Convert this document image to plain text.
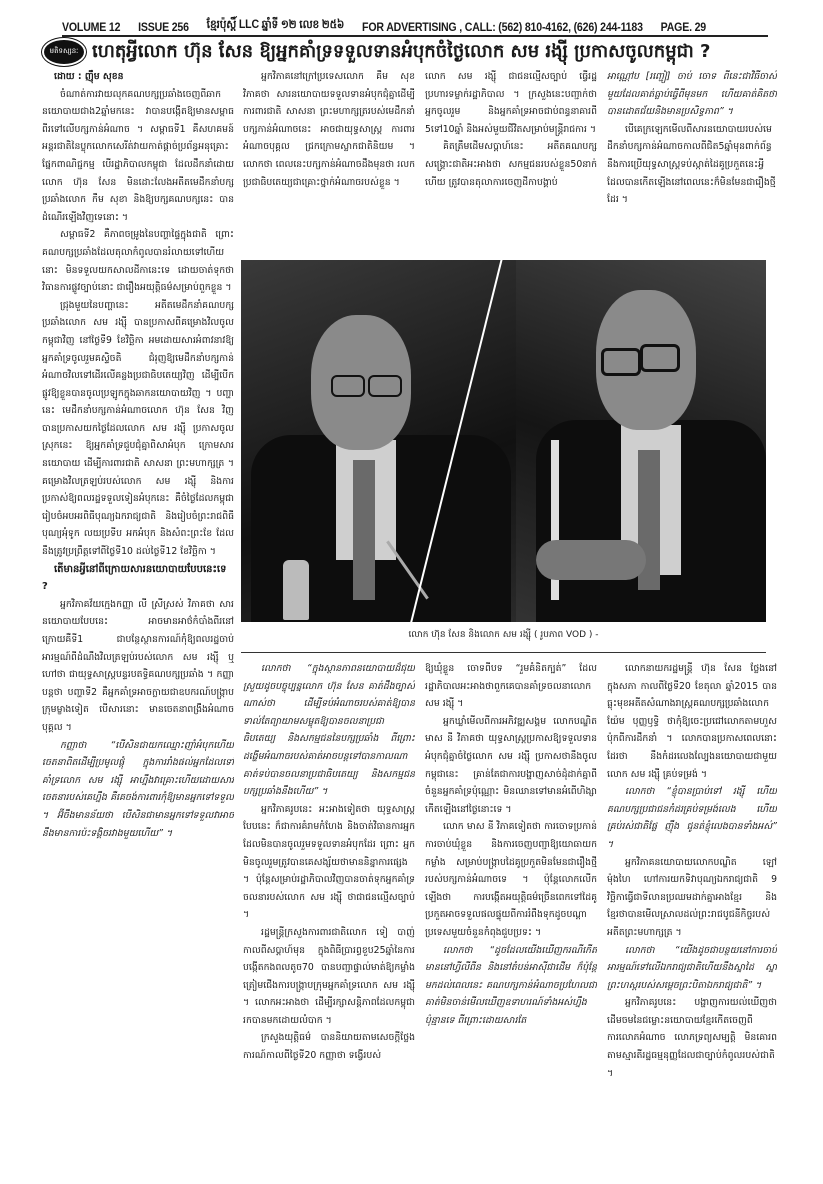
VOLUME 12 ISSUE 256 ខ្មែរប៉ុស្តិ៍ LLC ឆ្នាំទី ១២ លេខ ២៥៦ FOR ADVERTISING , CALL: (562) 810-4162, (626) 244-1183 PAGE. 29
មតិទស្សនៈ ហេតុអ្វីលោក ហ៊ុន សែន ឱ្យអ្នកគាំទ្រទទួលទានអំបុកចំថ្ងៃលោក សម រង្ស៊ី ប្រកាសចូលកម្ពុជា ?

ដោយ : ញ៉ឹម សុខន

ចំណាត់ការវាយលុកគណបក្សប្រឆាំងចេញពីឆាកនយោបាយជាង2ឆ្នាំមកនេះ វាបានបង្កើតឱ្យមានសម្ពាធពីរទៅលើបក្សកាន់អំណាច ។ សម្ពាធទី1 គឺសហគមន៍អន្តរជាតិនៃប្លុកលោកសេរីត់វាយកាត់ផ្តាច់ប្រព័ន្ធអនុគ្រោះផ្នែកពាណិជ្ជកម្ម បើរដ្ឋាភិបាលកម្ពុជា ដែលដឹកនាំដោយលោក ហ៊ុន សែន មិនដោះលែងអតីតមេដឹកនាំបក្សប្រឆាំងលោក កឹម សុខា និងឱ្យបក្សគណបក្សនេះ បានដំណើរឡើងវិញទេនោះ ។

សម្ពាធទី2 គឺភាពចម្រូងនៃបញ្ហាផ្ទៃក្នុងជាតិ ព្រោះគណបក្សប្រឆាំងដែលតុលាកំពូលបានរំលាយទៅហើយនោះ មិនទទួលយកសាលដីកានេះទេ ដោយចាត់ទុកថាវិធានការផ្លូវច្បាប់នោះ ជារឿងអយុត្តិធម៌សម្រាប់ពួកខ្លួន ។

ជ្រុងមួយនៃបញ្ហានេះ អតីតមេដឹកនាំគណបក្សប្រឆាំងលោក សម រង្ស៊ី បានប្រកាសពីគម្រោងវិលចូលកម្ពុជាវិញ នៅថ្ងៃទី9 ខែវិច្ឆិកា អមដោយសារអំពាវនាវឱ្យអ្នកគាំទ្រចូលរួមគស្ទិចតិ ជំរុញឱ្យមេដឹកនាំបក្សកាន់អំណាចវិលទៅដើរលើគន្លងប្រជាធិបតេយ្យវិញ ដើម្បីបើកផ្លូវឱ្យខ្លួនបានចូលប្រឡូកក្នុងឆាកនយោបាយវិញ ។ បញ្ហានេះ មេដឹកនាំបក្សកាន់អំណាចលោក ហ៊ុន សែន វិញ បានប្រកាសយកថ្ងៃដែលលោក សម រង្ស៊ី ប្រកាសចូលស្រុកនេះ ឱ្យអ្នកគាំទ្រជួបជុំគ្នាពិសាអំបុក ក្រោមសារនយោបាយ ដើម្បីការពារជាតិ សាសនា ព្រះមហាក្សត្រ ។ គម្រោងវិលត្រឡប់របស់លោក សម រង្ស៊ី និងការប្រកាស់ឱ្យពលរដ្ឋទទួលទៀនអំបុកនេះ គឺចំថ្ងៃដែលកម្ពុជារៀបចំអបអរពិធីបុណ្យឯករាជ្យជាតិ និងរៀបចំព្រះរាជពិធីបុណ្យអុំទូក លយប្រទីប អកអំបុក និងសំពះព្រះខែ ដែលនឹងត្រូវប្រព្រឹត្តទៅពីថ្ងៃទី10 ដល់ថ្ងៃទី12 ខែវិច្ឆិកា ។

តើមានអ្វីនៅពីក្រោយសារនយោបាយបែបនេះទេ ?

អ្នកវិភាគវ័យក្មេងកញ្ញា លី ស្រីស្រស់ វិភាគថា សារនយោបាយបែបនេះ អាចមានអាថ៌កំបាំងពីរនៅក្រោយគឺទី1 ជាបន្ថែស្ថានការណ៍កុំឱ្យពលរដ្ឋចាប់អារម្មណ៍ពីដំណឹងវិលត្រឡប់របស់លោក សម រង្ស៊ី ឬហៅថា ជាយុទ្ធសាស្ត្របន្ទរបតទ្ធិគណបក្សប្រឆាំង ។ កញ្ញាបន្តថា បញ្ហាទី2 គឺអ្នកគាំទ្រអាចក្លាយជាឧបករណ៍បង្ក្រាបក្រុមម្ខាងទៀត បើសារនោះ មានចេតនាពង្រឹងអំណាចបុគ្គល ។

កញ្ញាថា “បើសិនជាយកឈ្មោះញាំអំបុកហើយចេតនាពិតដើម្បីប្រមូលផ្តុំ ក្នុងការរាំងផល់អ្នកដែលទៅគាំទ្រលោក សម រង្ស៊ី អាហ្នឹងវាគ្រោះហើយដោយសារចេតនារបស់គេហ្នឹង គឺគេចង់ការពារកុំឱ្យមានអ្នកទៅទទួល ។ អ៊ីចឹងមានន័យថា បើសិនជាមានអ្នកទៅទទួលវាអាចនឹងមានការប៉ះទង្គិចរវាងមួយហើយ” ។

អ្នកវិភាគនៅក្រៅប្រទេសលោក គឹម សុខ វិភាគថា សារនយោបាយទទួលទានអំបុកជុំគ្នាដើម្បីការពារជាតិ សាសនា ព្រះមហាក្សត្ររបស់មេដឹកនាំបក្សកាន់អំណាចនេះ អាចជាយុទ្ធសាស្ត្រ ការពារអំណាចបុគ្គល ជ្រកក្រោមស្លាកជាតិនិយម ។ លោកថា ពេលនេះបក្សកាន់អំណាចដឹងមុនថា រលកប្រជាធិបតេយ្យជាគ្រោះថ្នាក់អំណាចរបស់ខ្លួន ។

លោក សម រង្ស៊ី ជាជនល្មើសច្បាប់ ធ្វើរដ្ឋប្រហារទម្លាក់រដ្ឋាភិបាល ។ ក្រសួងនេះបញ្ជាក់ថា អ្នកចូលរួម និងអ្នកគាំទ្រអាចជាប់ពន្ធនាគារពី 5ទៅ10ឆ្នាំ និងអស់មួយជីវិតសម្រាប់មន្ត្រីរាជការ ។

គិតត្រឹមដើមសប្តាហ៍នេះ អតីតគណបក្សសង្គ្រោះជាតិអះអាងថា សកម្មជនរបស់ខ្លួន50នាក់ហើយ ត្រូវបានតុលាការចេញដីកាបង្គាប់

អាណ្ណៅប [រញ្ជៀ] ចាប់ ចោទ ពីនេះជាវិធីចាស់មួយដែលគាត់ធ្លាប់ធ្វើពីមុនមក ហើយគាត់គិតថាបានដោតជ័យនិងមានប្រសិទ្ធភាព” ។

បើគេក្រឡេកមើលពីសារនយោបាយរបស់មេដឹកនាំបក្សកាន់អំណាចកាលពីជិត5ឆ្នាំមុនពាក់ព័ន្ធនឹងការប្រើយុទ្ធសាស្ត្រទប់ស្កាត់ដៃគូប្រកួតនេះអ្វីដែលបានកើតឡើងនៅពេលនេះក៏មិនមែនជារឿងថ្មីដែរ ។

លោក ហ៊ុន សែន និងលោក សម រង្ស៊ី ( រូបភាព VOD ) -

លោកថា “ក្នុងស្ថានភាពនយោបាយដ៏ជុយស្រួយដូចបច្ចុប្បន្នលោក ហ៊ុន សែន គាត់ដឹងច្បាស់ណាស់ថា ដើម្បីទប់អំណាចរបស់គាត់ឱ្យបាន ទាល់តែព្យាយាមសម្លុតឱ្យបានចលនាប្រជាធិបតេយ្យ និងសកម្មជននៃបក្សប្រឆាំង ពីព្រោះដង្ហើមអំណាចរបស់គាត់អាចបន្តទៅបានកាលណាគាត់ទប់បានចលនាប្រជាធិបតេយ្យ និងសកម្មជនបក្សប្រឆាំងនឹងហើយ” ។

អ្នកវិភាគរូបនេះ អះអាងទៀតថា យុទ្ធសាស្ត្របែបនេះ ក៏ជាការគំរាមកំហែង និងចាត់វិធានការអ្នកដែលមិនបានចូលរួមទទួលទានអំបុកដែរ ព្រោះ អ្នកមិនចូលរួមត្រូវបានគេសង្ស័យថាមាននិន្នាការផ្សេង ។ ប៉ុន្តែសម្រាប់រដ្ឋាភិបាលវិញបានចាត់ទុកអ្នកគាំទ្រចលនារបស់លោក សម រង្ស៊ី ថាជាជនល្មើសច្បាប់ ។

រដ្ឋមន្ត្រីក្រសួងការពារជាតិលោក ទៀ បាញ់ កាលពីសប្តាហ៍មុន ក្នុងពិធីប្រារព្ធខួប25ឆ្នាំនៃការបង្កើតកងពលតូច70 បានបញ្ជាផ្ទាល់មាត់ឱ្យកម្លាំងត្រៀមជើងការបង្ក្រាបក្រុមអ្នកគាំទ្រលោក សម រង្ស៊ី ។ លោកអះអាងថា ដើម្បីរក្សាសន្តិភាពដែលកម្ពុជារកបានមកដោយលំបាក ។

ក្រសួងយុត្តិធម៌ បាននិយាយតាមសេចក្តីថ្លែងការណ៍កាលពីថ្ងៃទី20 កញ្ញាថា ទង្វើរបស់

ឱ្យឃុំខ្លួន ចោទពីបទ “រួមគំនិតក្បត់” ដែលរដ្ឋាភិបាលអះអាងថាពួកគេបានគាំទ្រចលនាលោក សម រង្ស៊ី ។

អ្នកឃ្លាំមើលពីការអភិវឌ្ឍសង្គម លោកបណ្ឌិត មាស នី វិភាគថា យុទ្ធសាស្ត្រប្រកាសឱ្យទទួលទានអំបុកជុំគ្នាចំថ្ងៃលោក សម រង្ស៊ី ប្រកាសថានឹងចូលកម្ពុជានេះ គ្រាន់តែជាការបង្ហាញសាច់ដុំដាក់គ្នាពីចំនួនអ្នកគាំទ្រប៉ុណ្ណោះ មិនឈានទៅមានអំពើហិង្សាកើតឡើងនៅថ្ងៃនោះទេ ។

លោក មាស នី វិភាគទៀតថា ការចោទប្រកាន់ ការចាប់ឃុំខ្លួន និងការចេញបញ្ជាឱ្យយោធាយកកម្លាំង សម្រាប់បង្ក្រាបដៃគូប្រកួតមិនមែនជារឿងថ្មីរបស់បក្សកាន់អំណាចទេ ។ ប៉ុន្តែលោកលើកឡើងថា ការបង្កើតអយុត្តិធម៌ច្រើនពេកទៅដៃគូប្រកួតអាចទទួលផលផ្ទុយពីការរំពឹងទុកដូចបណ្តាប្រទេសមួយចំនួនកំពុងជួបប្រទះ ។

លោកថា “ដូចដែលយើងឃើញករណីកើតមាននៅហ្វីលីពីន និងនៅតំបន់អាស៊ីជាដើម ក៏ប៉ុន្តែមកដល់ពេលនេះ គណបក្សកាន់អំណាចប្រហែលជាគាត់មិនចាន់មើលឃើញឧទាហរណ៍ទាំងអស់ហ្នឹងប៉ុន្មានទេ ពីព្រោះដោយសារតែ

លោកនាយករដ្ឋមន្ត្រី ហ៊ុន សែន ថ្លែងនៅក្នុងសភា កាលពីថ្ងៃទី20 ខែតុលា ឆ្នាំ2015 បានធ្លុះមុខអតីតសំណាងរាស្ត្រគណបក្សប្រឆាំងលោក យ៉ែម បុញ្ញឫទ្ធិ ថាកុំឱ្យចេះប្រជៅលោកតាមហួសប៉ុកពីការដឹកនាំ ។ លោកបានប្រកាសពេលនោះដែរថា នឹងកំដរលេងល្បែងនយោបាយជាមួយលោក សម រង្ស៊ី គ្រប់ទម្រង់ ។

លោកថា “ខ្ញុំបានប្រាប់ទៅ រង្ស៊ី ហើយគណបក្សប្រជាជនកំដរគ្រប់ទម្រង់លេង ហើយគ្រប់រស់ជាតិផ្លែ ញ៉ឹង ជូនត់ខ្ញុំលេងបានទាំងអស់” ។

អ្នកវិភាគនយោបាយលោកបណ្ឌិត ឡៅ ម៉ុងហៃ ហៅការយកទិវាបុណ្យឯករាជ្យជាតិ 9 វិច្ឆិកាធ្វើជាទីលានប្រឈមដាក់គ្នាអាងខ្មែរ និងខ្មែរថាបានមើលស្រាលដល់ព្រះរាជបូជនីកិច្ចរបស់អតីតព្រះមហាក្សត្រ ។

លោកថា “យើងដូចជាបន្ថយនៅការចាប់អារម្មណ៍ទៅលើឯករាជ្យជាតិហើយនឹងស្នាដៃ ស្នាព្រះហស្តរបស់សម្តេចព្រះបិតាឯករាជ្យជាតិ” ។

អ្នកវិភាគរូបនេះ បង្ហាញការយល់ឃើញថាដើមចមនៃជម្លោះនយោបាយខ្មែរកើតចេញពីការលោភអំណាច លោភទ្រព្យសម្បត្តិ មិនគោរពតាមស្មារតីរដ្ឋធម្មនុញ្ញដែលជាច្បាប់កំពូលរបស់ជាតិ ។
